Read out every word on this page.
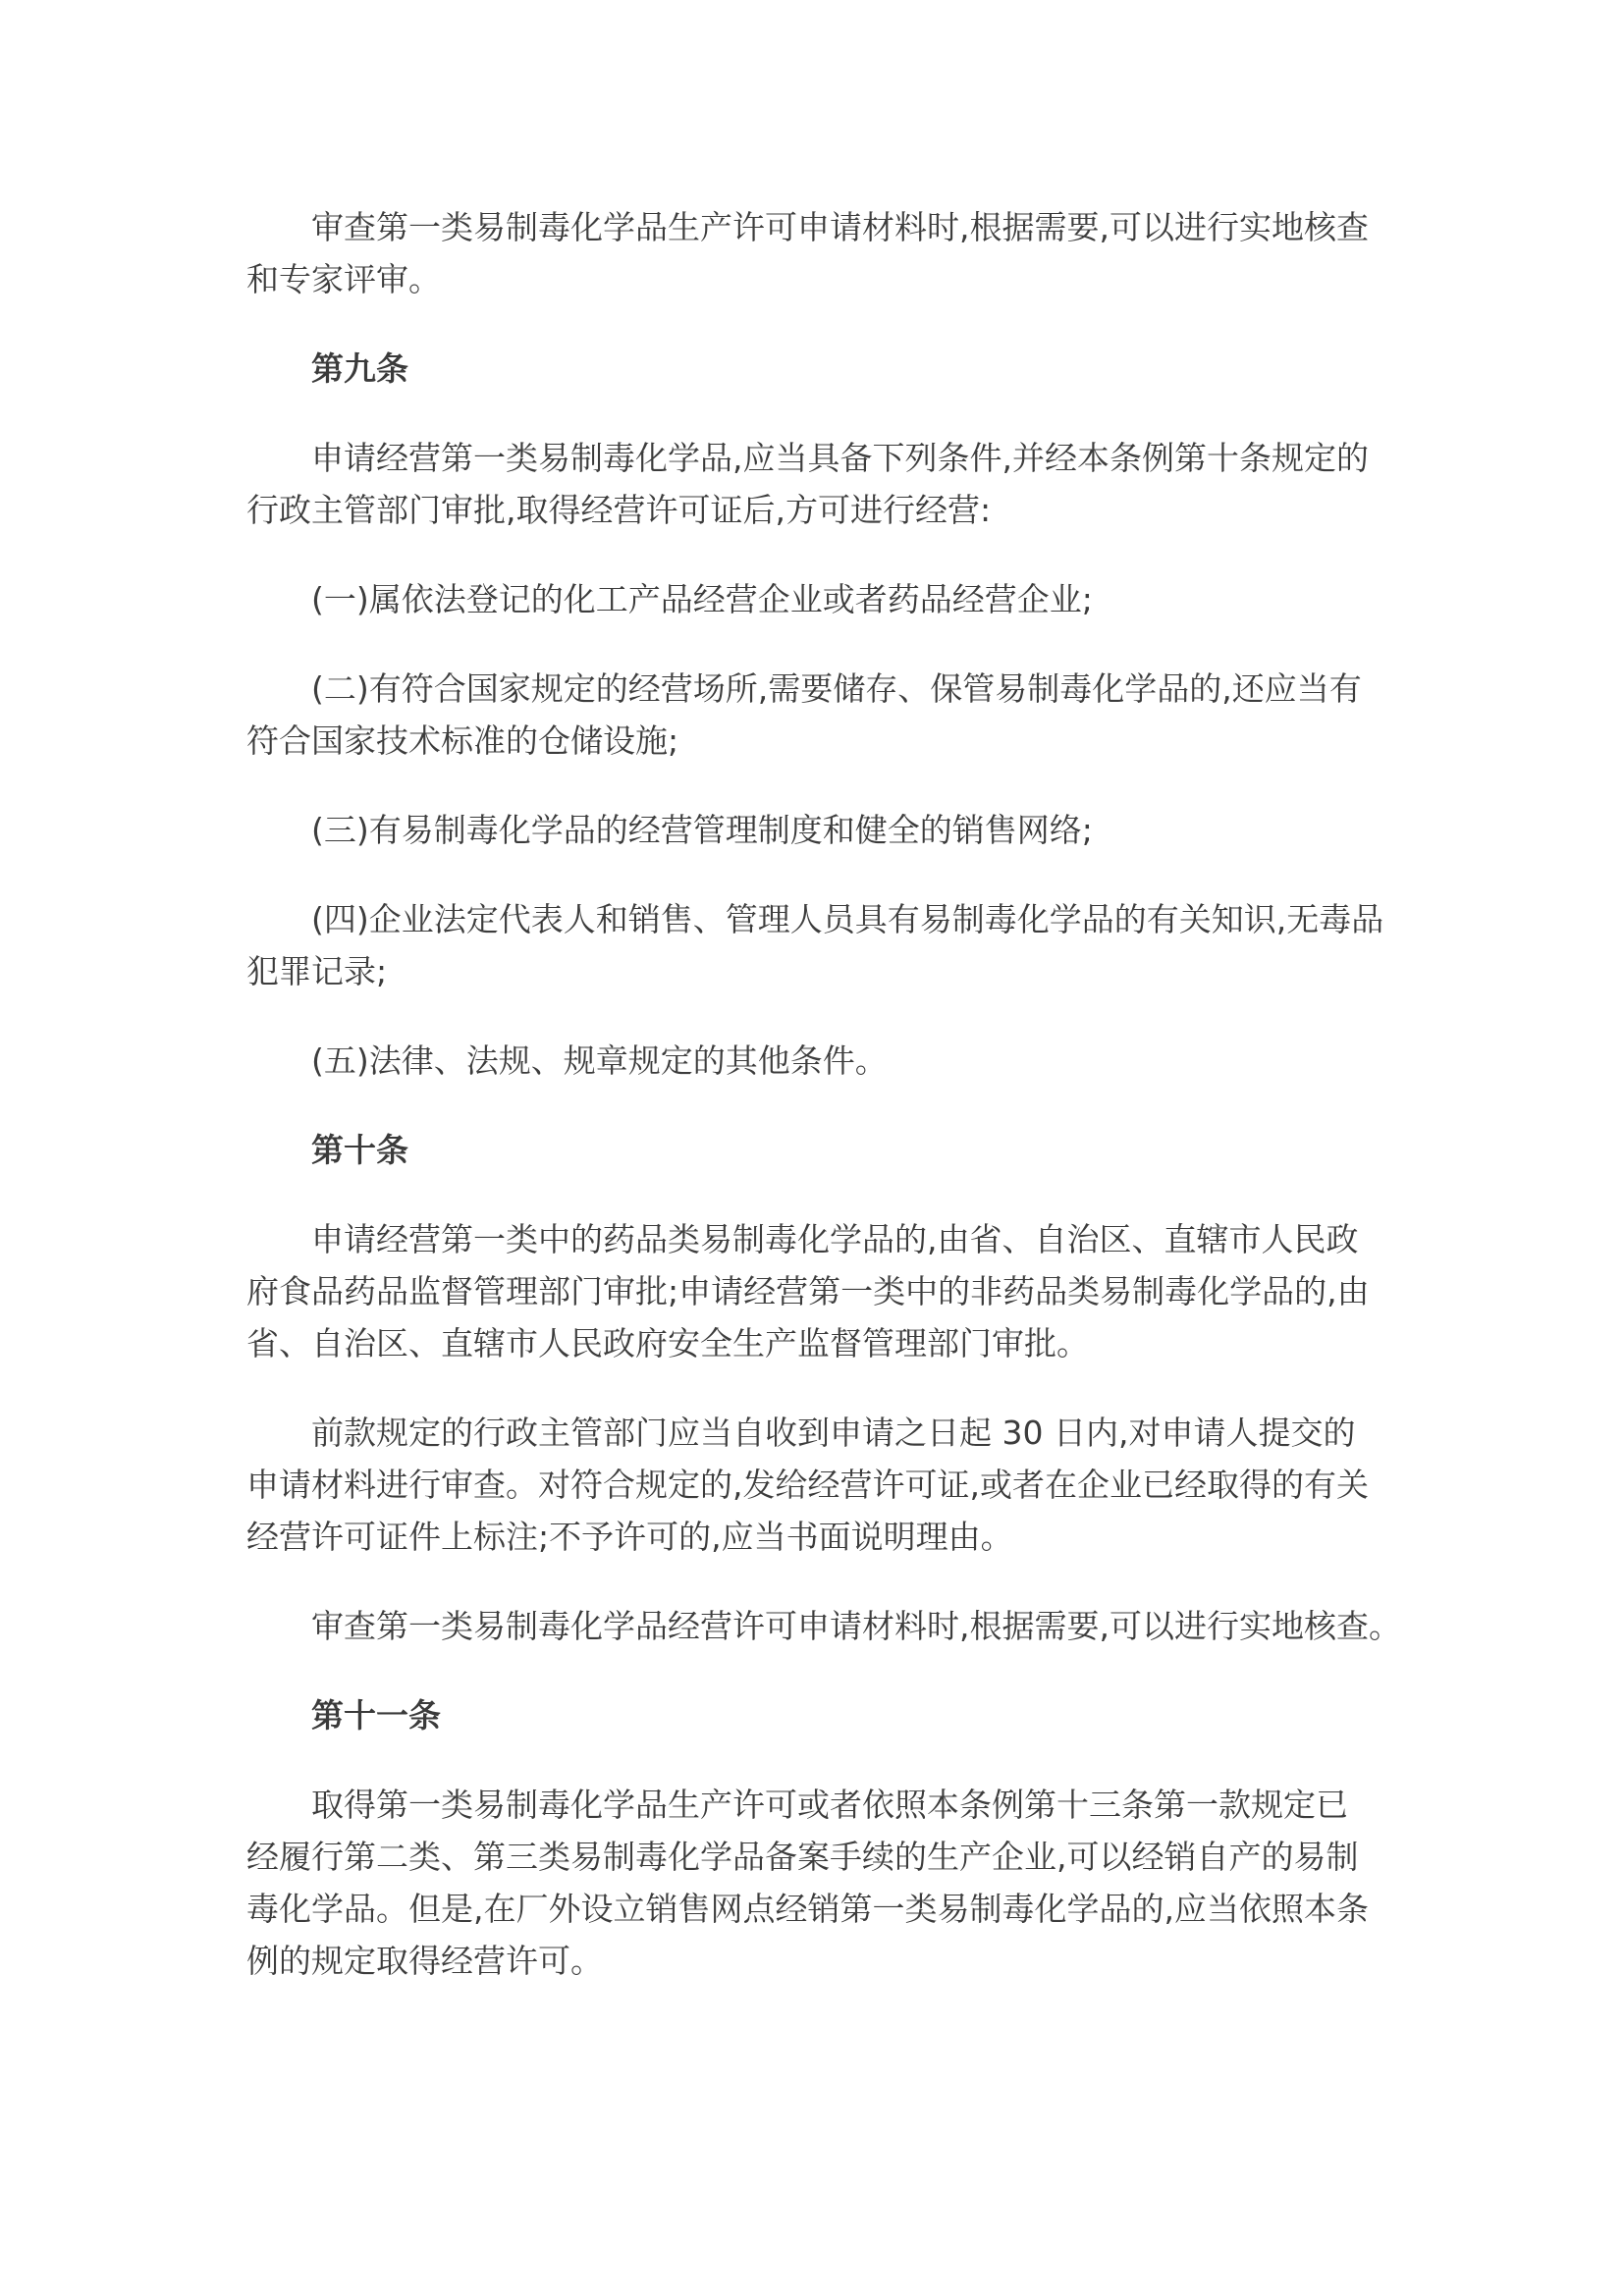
审查第一类易制毒化学品生产许可申请材料时,根据需要,可以进行实地核查
和专家评审。

第九条

申请经营第一类易制毒化学品,应当具备下列条件,并经本条例第十条规定的
行政主管部门审批,取得经营许可证后,方可进行经营:

(一)属依法登记的化工产品经营企业或者药品经营企业;

(二)有符合国家规定的经营场所,需要储存、保管易制毒化学品的,还应当有
符合国家技术标准的仓储设施;

(三)有易制毒化学品的经营管理制度和健全的销售网络;

(四)企业法定代表人和销售、管理人员具有易制毒化学品的有关知识,无毒品
犯罪记录;

(五)法律、法规、规章规定的其他条件。

第十条

申请经营第一类中的药品类易制毒化学品的,由省、自治区、直辖市人民政
府食品药品监督管理部门审批;申请经营第一类中的非药品类易制毒化学品的,由
省、自治区、直辖市人民政府安全生产监督管理部门审批。

前款规定的行政主管部门应当自收到申请之日起 30 日内,对申请人提交的
申请材料进行审查。对符合规定的,发给经营许可证,或者在企业已经取得的有关
经营许可证件上标注;不予许可的,应当书面说明理由。

审查第一类易制毒化学品经营许可申请材料时,根据需要,可以进行实地核查。

第十一条

取得第一类易制毒化学品生产许可或者依照本条例第十三条第一款规定已
经履行第二类、第三类易制毒化学品备案手续的生产企业,可以经销自产的易制
毒化学品。但是,在厂外设立销售网点经销第一类易制毒化学品的,应当依照本条
例的规定取得经营许可。
